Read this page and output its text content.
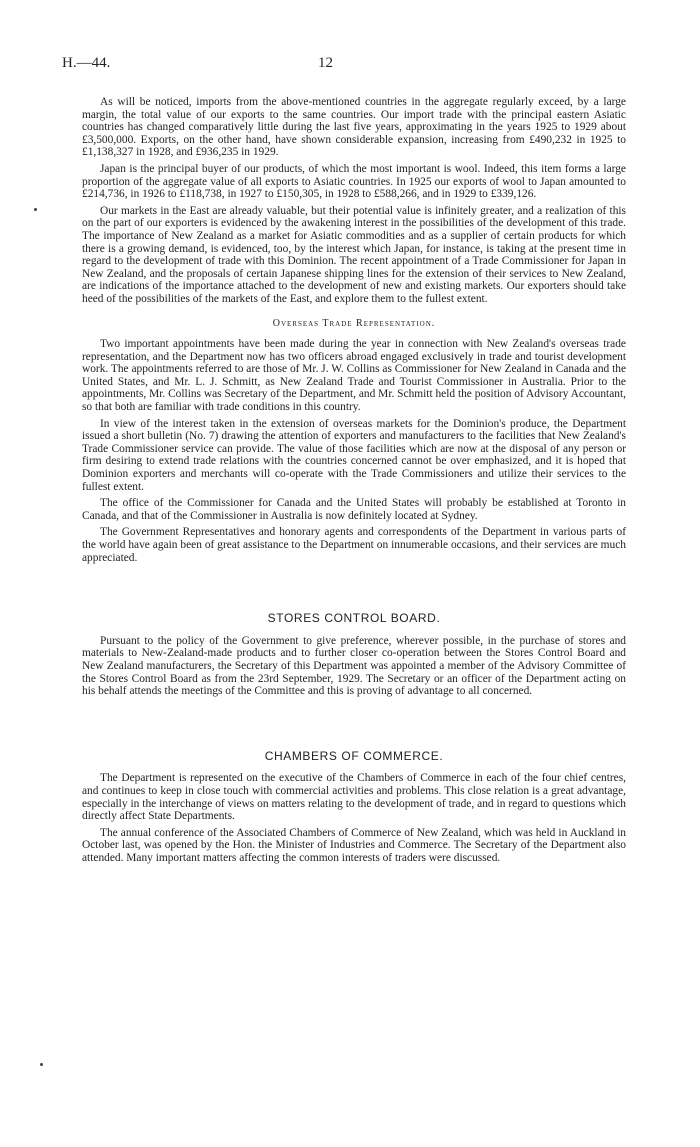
H.—44.	12

As will be noticed, imports from the above-mentioned countries in the aggregate regularly exceed, by a large margin, the total value of our exports to the same countries. Our import trade with the principal eastern Asiatic countries has changed comparatively little during the last five years, approximating in the years 1925 to 1929 about £3,500,000. Exports, on the other hand, have shown considerable expansion, increasing from £490,232 in 1925 to £1,138,327 in 1928, and £936,235 in 1929.

Japan is the principal buyer of our products, of which the most important is wool. Indeed, this item forms a large proportion of the aggregate value of all exports to Asiatic countries. In 1925 our exports of wool to Japan amounted to £214,736, in 1926 to £118,738, in 1927 to £150,305, in 1928 to £588,266, and in 1929 to £339,126.

Our markets in the East are already valuable, but their potential value is infinitely greater, and a realization of this on the part of our exporters is evidenced by the awakening interest in the possibilities of the development of this trade. The importance of New Zealand as a market for Asiatic commodities and as a supplier of certain products for which there is a growing demand, is evidenced, too, by the interest which Japan, for instance, is taking at the present time in regard to the development of trade with this Dominion. The recent appointment of a Trade Commissioner for Japan in New Zealand, and the proposals of certain Japanese shipping lines for the extension of their services to New Zealand, are indications of the importance attached to the development of new and existing markets. Our exporters should take heed of the possibilities of the markets of the East, and explore them to the fullest extent.

Overseas Trade Representation.

Two important appointments have been made during the year in connection with New Zealand's overseas trade representation, and the Department now has two officers abroad engaged exclusively in trade and tourist development work. The appointments referred to are those of Mr. J. W. Collins as Commissioner for New Zealand in Canada and the United States, and Mr. L. J. Schmitt, as New Zealand Trade and Tourist Commissioner in Australia. Prior to the appointments, Mr. Collins was Secretary of the Department, and Mr. Schmitt held the position of Advisory Accountant, so that both are familiar with trade conditions in this country.

In view of the interest taken in the extension of overseas markets for the Dominion's produce, the Department issued a short bulletin (No. 7) drawing the attention of exporters and manufacturers to the facilities that New Zealand's Trade Commissioner service can provide. The value of those facilities which are now at the disposal of any person or firm desiring to extend trade relations with the countries concerned cannot be over emphasized, and it is hoped that Dominion exporters and merchants will co-operate with the Trade Commissioners and utilize their services to the fullest extent.

The office of the Commissioner for Canada and the United States will probably be established at Toronto in Canada, and that of the Commissioner in Australia is now definitely located at Sydney.

The Government Representatives and honorary agents and correspondents of the Department in various parts of the world have again been of great assistance to the Department on innumerable occasions, and their services are much appreciated.

STORES CONTROL BOARD.

Pursuant to the policy of the Government to give preference, wherever possible, in the purchase of stores and materials to New-Zealand-made products and to further closer co-operation between the Stores Control Board and New Zealand manufacturers, the Secretary of this Department was appointed a member of the Advisory Committee of the Stores Control Board as from the 23rd September, 1929. The Secretary or an officer of the Department acting on his behalf attends the meetings of the Committee and this is proving of advantage to all concerned.

CHAMBERS OF COMMERCE.

The Department is represented on the executive of the Chambers of Commerce in each of the four chief centres, and continues to keep in close touch with commercial activities and problems. This close relation is a great advantage, especially in the interchange of views on matters relating to the development of trade, and in regard to questions which directly affect State Departments.

The annual conference of the Associated Chambers of Commerce of New Zealand, which was held in Auckland in October last, was opened by the Hon. the Minister of Industries and Commerce. The Secretary of the Department also attended. Many important matters affecting the common interests of traders were discussed.
